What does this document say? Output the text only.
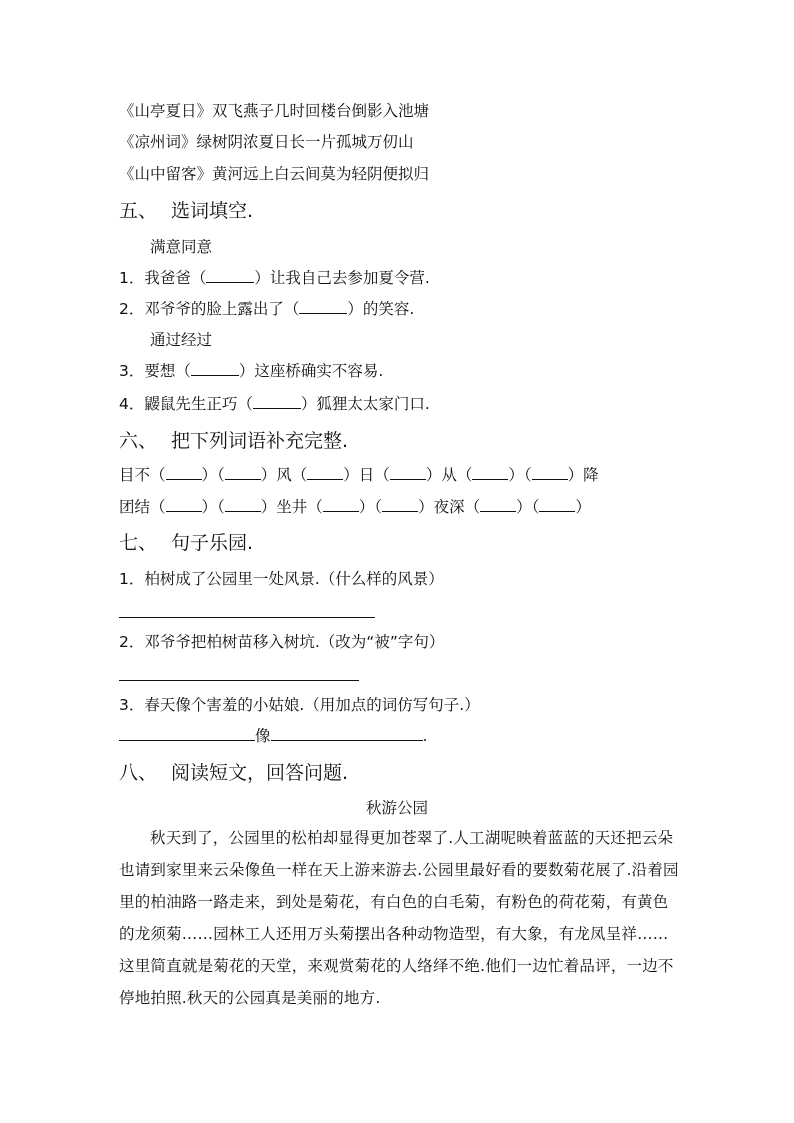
《山亭夏日》双飞燕子几时回楼台倒影入池塘
《凉州词》绿树阴浓夏日长一片孤城万仞山
《山中留客》黄河远上白云间莫为轻阴便拟归
五、 选词填空.
满意同意
1．我爸爸（	）让我自己去参加夏令营.
2．邓爷爷的脸上露出了（	）的笑容.
通过经过
3．要想（	）这座桥确实不容易.
4．鼹鼠先生正巧（	）狐狸太太家门口.
六、 把下列词语补充完整.
目不（ ）（ ）风（ ）日（ ）从（ ）（ ）降
团结（ ）（ ）坐井（ ）（ ）夜深（ ）（ ）
七、 句子乐园.
1．柏树成了公园里一处风景.（什么样的风景）
2．邓爷爷把柏树苗移入树坑.（改为“被”字句）
3．春天像个害羞的小姑娘.（用加点的词仿写句子.）
像	.
八、 阅读短文，回答问题.
秋游公园
秋天到了，公园里的松柏却显得更加苍翠了.人工湖呢映着蓝蓝的天还把云朵也请到家里来云朵像鱼一样在天上游来游去.公园里最好看的要数菊花展了.沿着园里的柏油路一路走来，到处是菊花，有白色的白毛菊，有粉色的荷花菊，有黄色的龙须菊……园林工人还用万头菊摆出各种动物造型，有大象，有龙凤呈祥……这里简直就是菊花的天堂，来观赏菊花的人络绎不绝.他们一边忙着品评，一边不停地拍照.秋天的公园真是美丽的地方.
